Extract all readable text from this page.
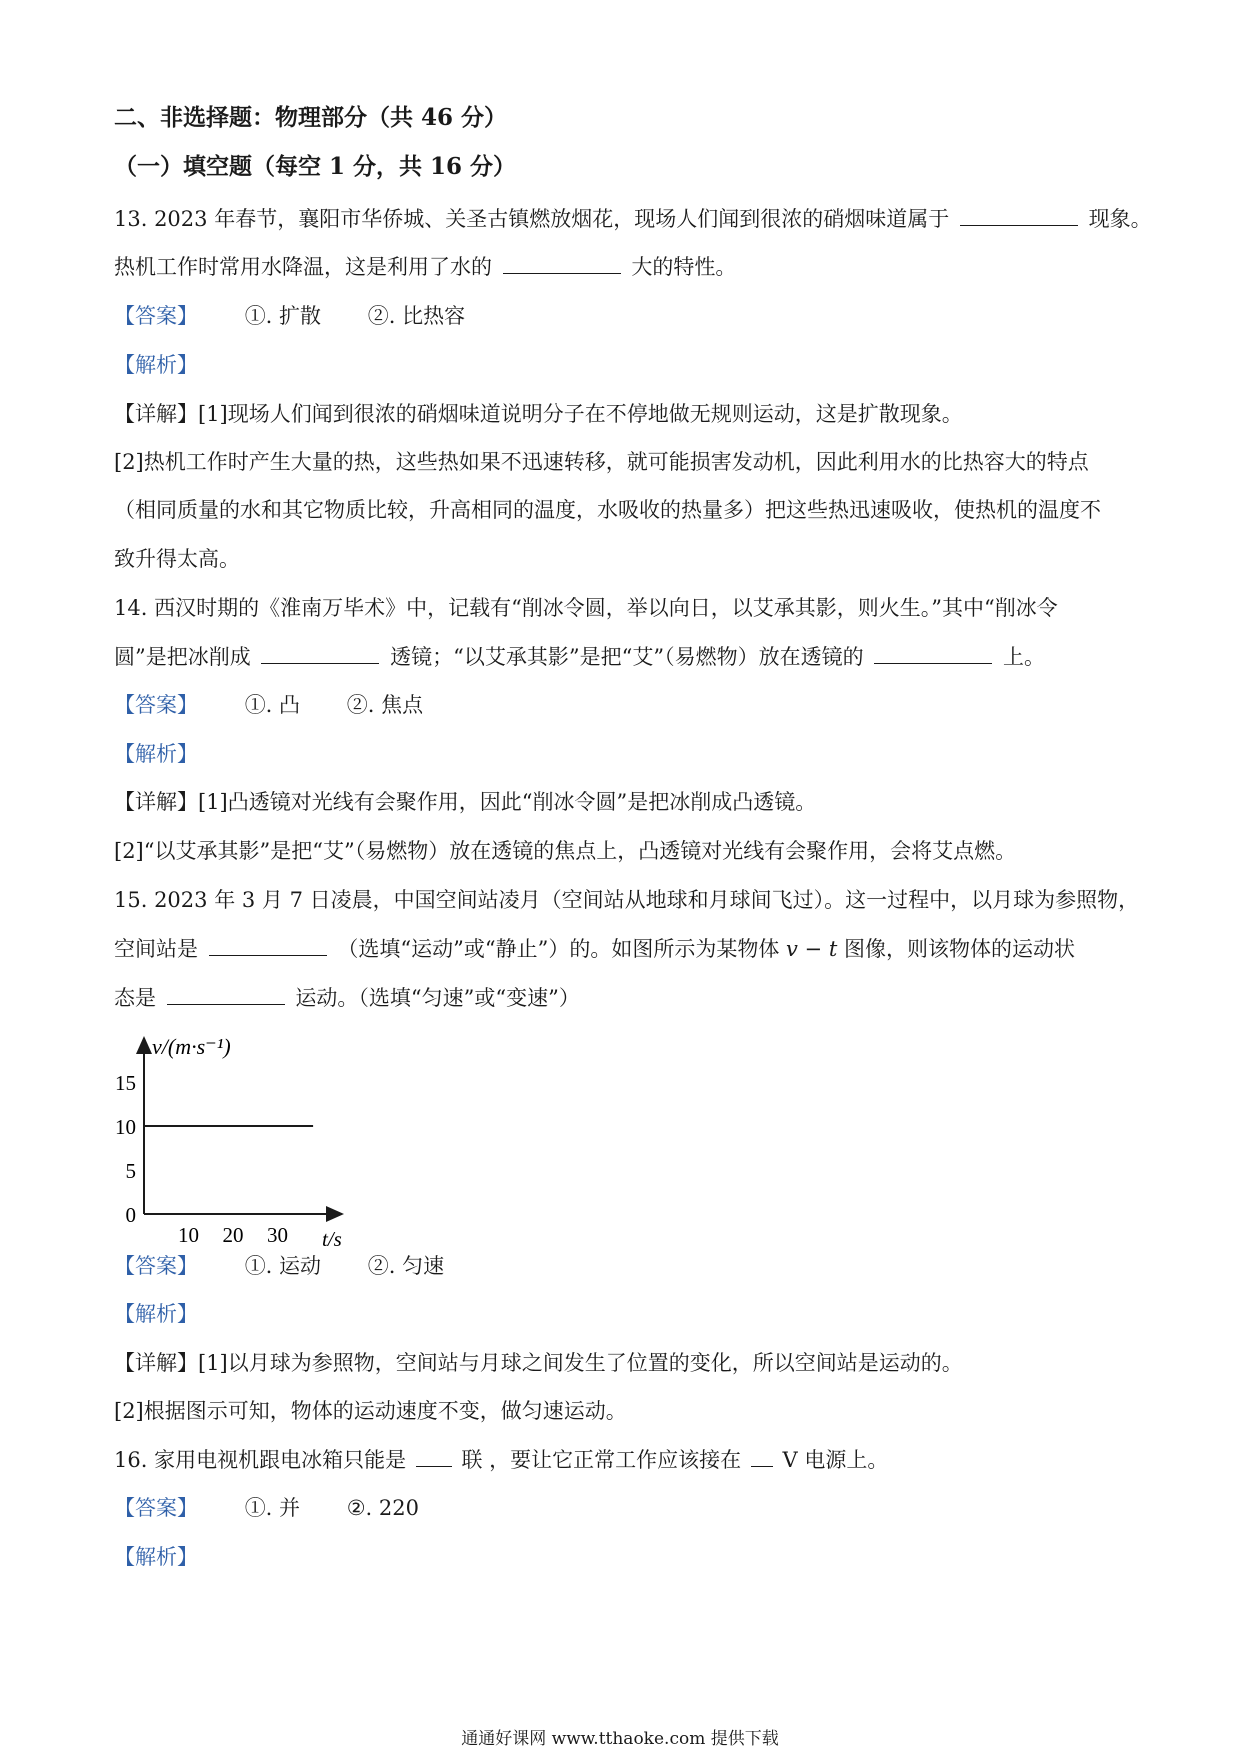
二、非选择题：物理部分（共 46 分）
（一）填空题（每空 1 分，共 16 分）
13. 2023 年春节，襄阳市华侨城、关圣古镇燃放烟花，现场人们闻到很浓的硝烟味道属于	现象。
热机工作时常用水降温，这是利用了水的	大的特性。
【答案】 ①. 扩散 ②. 比热容
【解析】
【详解】[1]现场人们闻到很浓的硝烟味道说明分子在不停地做无规则运动，这是扩散现象。
[2]热机工作时产生大量的热，这些热如果不迅速转移，就可能损害发动机，因此利用水的比热容大的特点
（相同质量的水和其它物质比较，升高相同的温度，水吸收的热量多）把这些热迅速吸收，使热机的温度不
致升得太高。
14. 西汉时期的《淮南万毕术》中，记载有“削冰令圆，举以向日，以艾承其影，则火生。”其中“削冰令
圆”是把冰削成	透镜；“以艾承其影”是把“艾”（易燃物）放在透镜的	上。
【答案】 ①. 凸 ②. 焦点
【解析】
【详解】[1]凸透镜对光线有会聚作用，因此“削冰令圆”是把冰削成凸透镜。
[2]“以艾承其影”是把“艾”（易燃物）放在透镜的焦点上，凸透镜对光线有会聚作用，会将艾点燃。
15. 2023 年 3 月 7 日凌晨，中国空间站凌月（空间站从地球和月球间飞过）。这一过程中，以月球为参照物，
空间站是	（选填“运动”或“静止”）的。如图所示为某物体 v − t 图像，则该物体的运动状
态是	运动。（选填“匀速”或“变速”）
v/(m·s⁻¹)
t/s
0
5
10
15
10 20 30
【答案】 ①. 运动 ②. 匀速
【解析】
【详解】[1]以月球为参照物，空间站与月球之间发生了位置的变化，所以空间站是运动的。
[2]根据图示可知，物体的运动速度不变，做匀速运动。
16. 家用电视机跟电冰箱只能是	联 ，要让它正常工作应该接在 V 电源上。
【答案】 ①. 并 ②. 220
【解析】
通通好课网 www.tthaoke.com 提供下载
